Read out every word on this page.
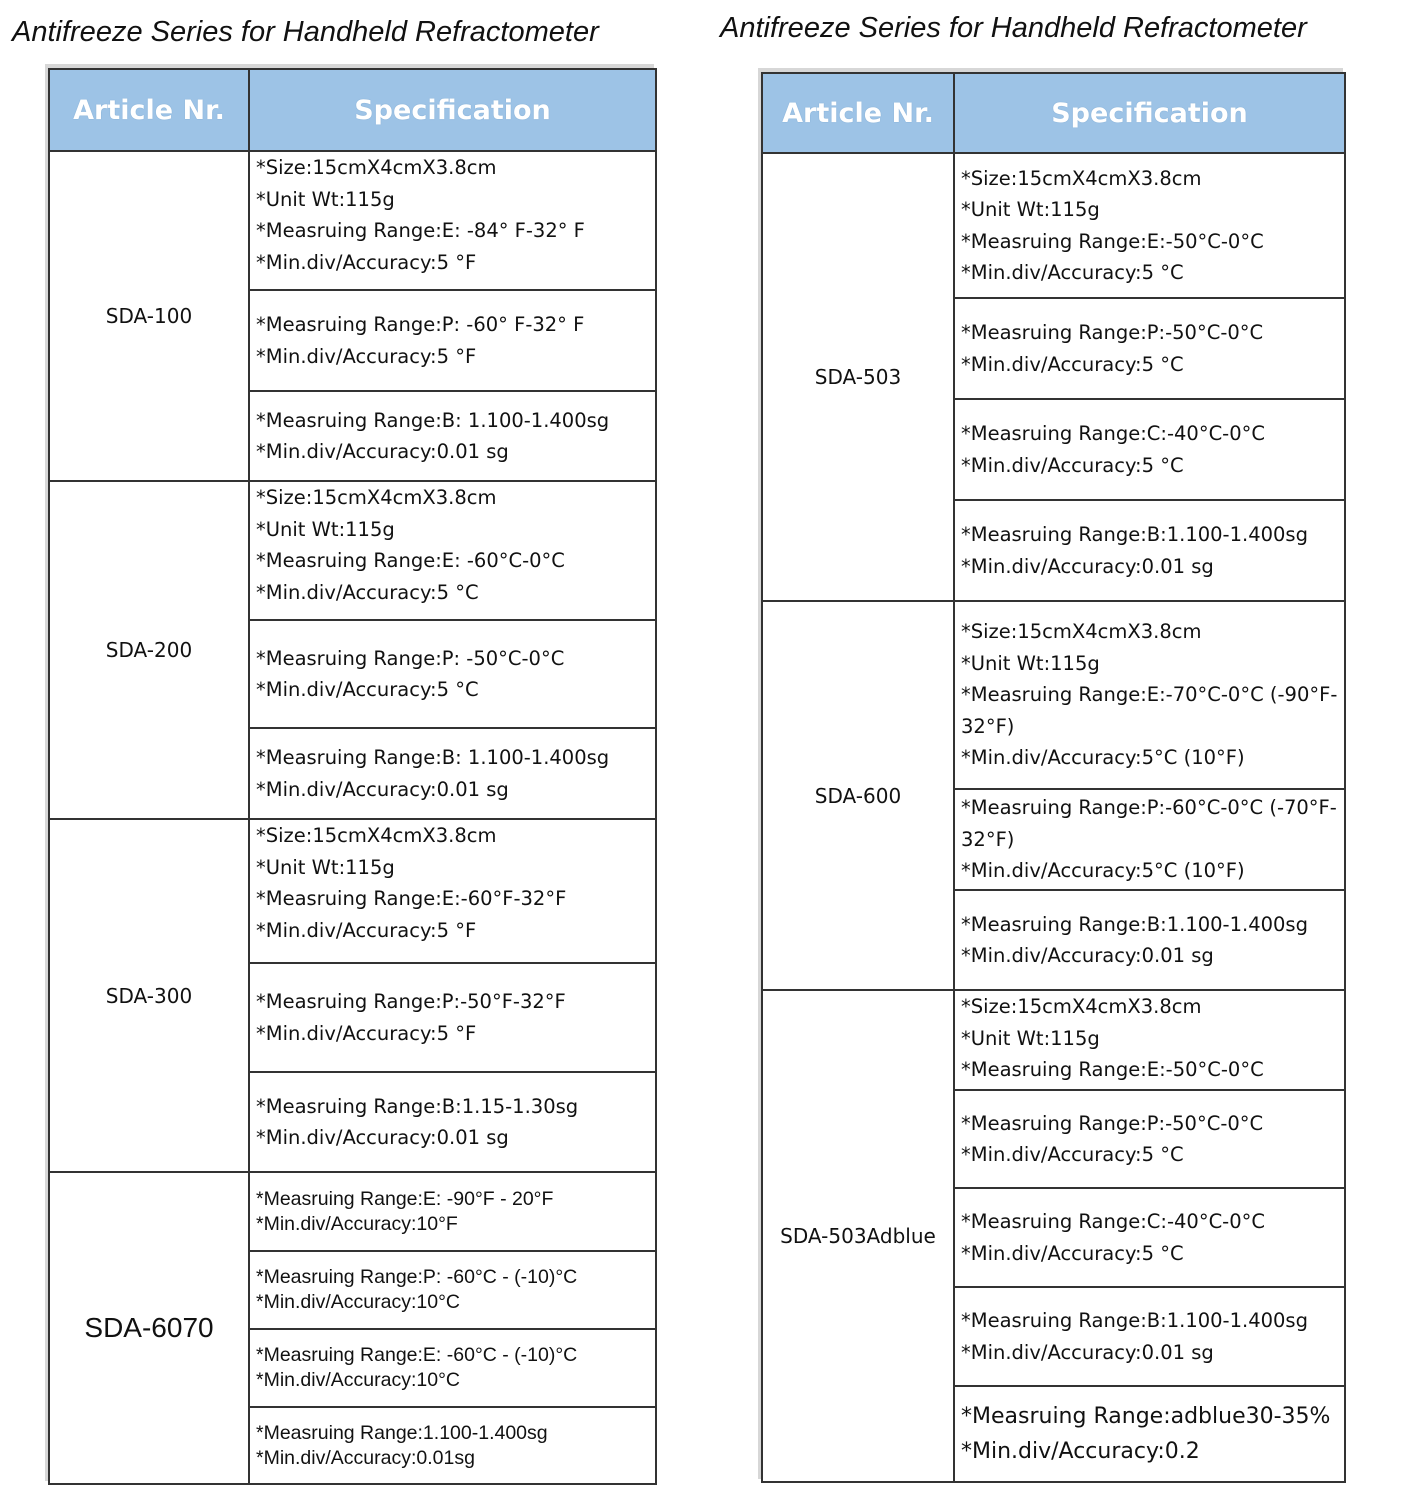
Antifreeze Series for Handheld Refractometer	Antifreeze Series for Handheld Refractometer
Article Nr.	Specification
SDA-100	*Size:15cmX4cmX3.8cm
*Unit Wt:115g
*Measruing Range:E: -84° F-32° F
*Min.div/Accuracy:5 °F

	*Measruing Range:P: -60° F-32° F
*Min.div/Accuracy:5 °F

	*Measruing Range:B: 1.100-1.400sg
*Min.div/Accuracy:0.01 sg

SDA-200	*Size:15cmX4cmX3.8cm
*Unit Wt:115g
*Measruing Range:E: -60°C-0°C
*Min.div/Accuracy:5 °C

	*Measruing Range:P: -50°C-0°C
*Min.div/Accuracy:5 °C

	*Measruing Range:B: 1.100-1.400sg
*Min.div/Accuracy:0.01 sg

SDA-300	*Size:15cmX4cmX3.8cm
*Unit Wt:115g
*Measruing Range:E:-60°F-32°F
*Min.div/Accuracy:5 °F

	*Measruing Range:P:-50°F-32°F
*Min.div/Accuracy:5 °F

	*Measruing Range:B:1.15-1.30sg
*Min.div/Accuracy:0.01 sg

SDA-6070	*Measruing Range:E: -90°F - 20°F
*Min.div/Accuracy:10°F

	*Measruing Range:P: -60°C - (-10)°C
*Min.div/Accuracy:10°C

	*Measruing Range:E: -60°C - (-10)°C
*Min.div/Accuracy:10°C

	*Measruing Range:1.100-1.400sg
*Min.div/Accuracy:0.01sg
Article Nr.	Specification
SDA-503	*Size:15cmX4cmX3.8cm
*Unit Wt:115g
*Measruing Range:E:-50°C-0°C
*Min.div/Accuracy:5 °C

	*Measruing Range:P:-50°C-0°C
*Min.div/Accuracy:5 °C

	*Measruing Range:C:-40°C-0°C
*Min.div/Accuracy:5 °C

	*Measruing Range:B:1.100-1.400sg
*Min.div/Accuracy:0.01 sg

SDA-600	*Size:15cmX4cmX3.8cm
*Unit Wt:115g
*Measruing Range:E:-70°C-0°C (-90°F-
32°F)
*Min.div/Accuracy:5°C (10°F)

	*Measruing Range:P:-60°C-0°C (-70°F-
32°F)
*Min.div/Accuracy:5°C (10°F)

	*Measruing Range:B:1.100-1.400sg
*Min.div/Accuracy:0.01 sg

SDA-503Adblue	*Size:15cmX4cmX3.8cm
*Unit Wt:115g
*Measruing Range:E:-50°C-0°C

	*Measruing Range:P:-50°C-0°C
*Min.div/Accuracy:5 °C

	*Measruing Range:C:-40°C-0°C
*Min.div/Accuracy:5 °C

	*Measruing Range:B:1.100-1.400sg
*Min.div/Accuracy:0.01 sg

	*Measruing Range:adblue30-35%
*Min.div/Accuracy:0.2
